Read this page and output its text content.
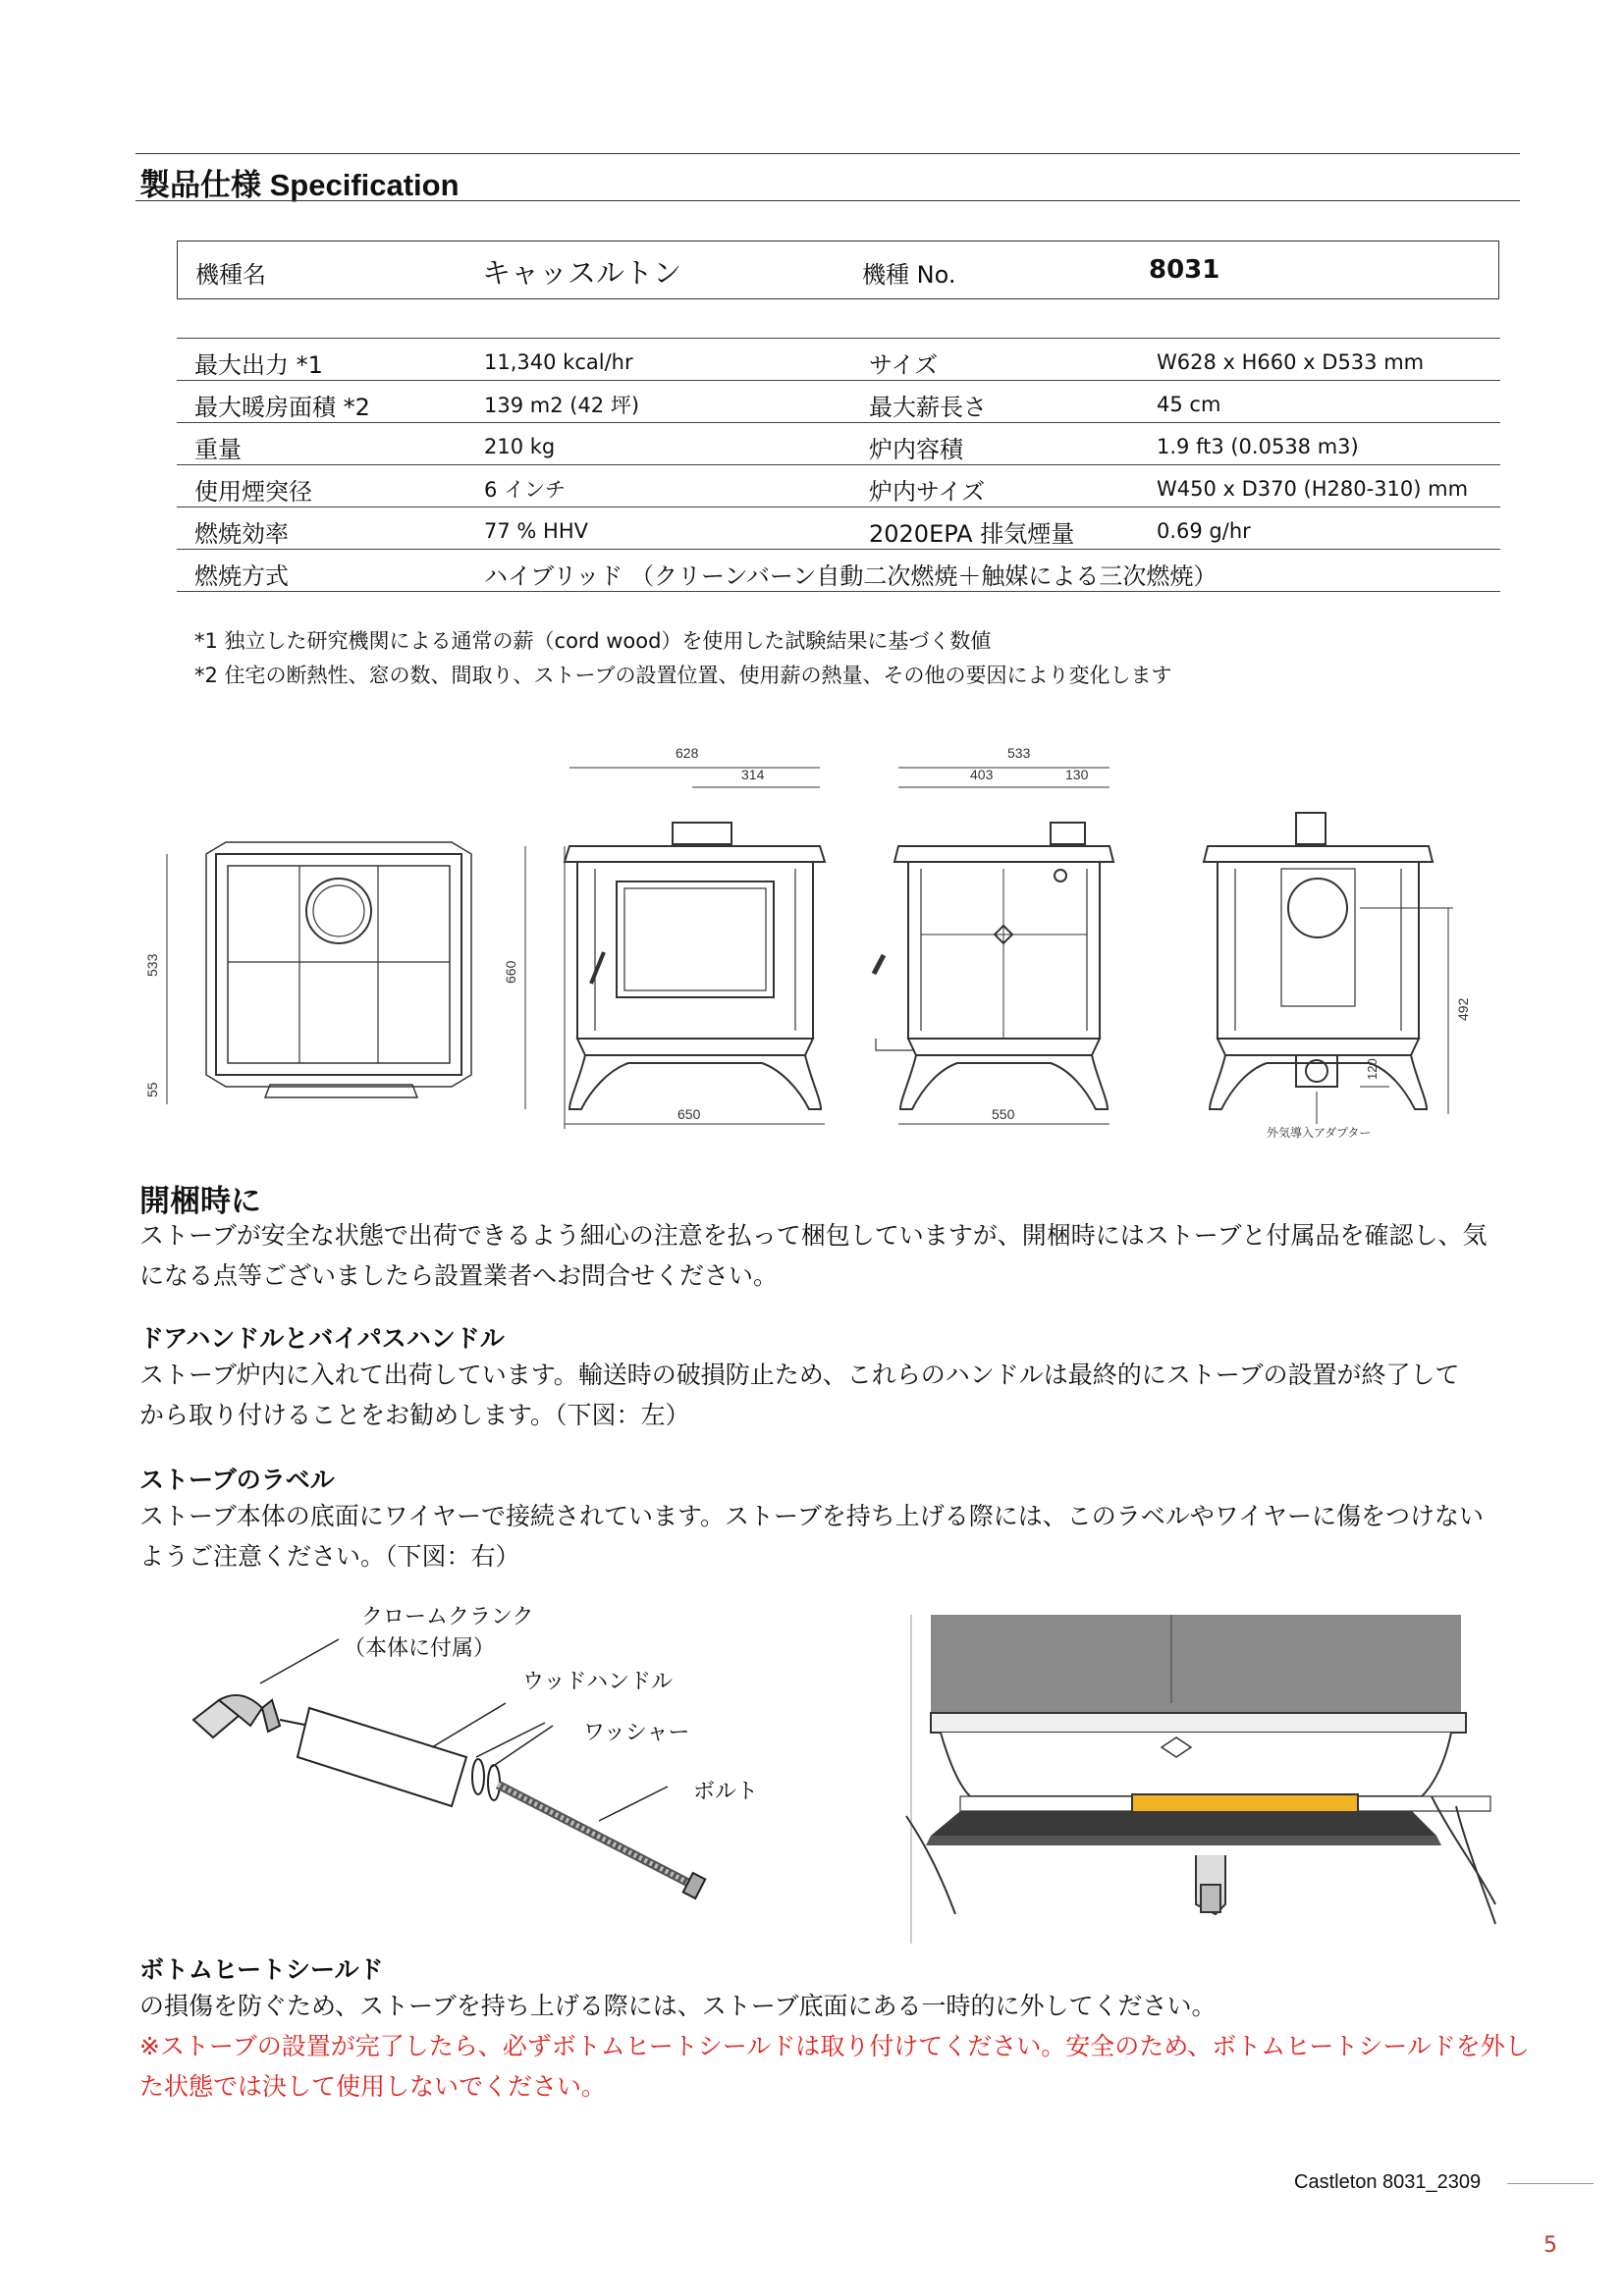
製品仕様 Specification
機種名	キャッスルトン	機種 No.	8031
最大出力 *1	11,340 kcal/hr	サイズ	W628 x H660 x D533 mm
最大暖房面積 *2	139 m2 (42 坪)	最大薪長さ	45 cm
重量	210 kg	炉内容積	1.9 ft3 (0.0538 m3)
使用煙突径	6 インチ	炉内サイズ	W450 x D370 (H280-310) mm
燃焼効率	77 % HHV	2020EPA 排気煙量	0.69 g/hr
燃焼方式	ハイブリッド （クリーンバーン自動二次燃焼＋触媒による三次燃焼）		
*1 独立した研究機関による通常の薪（cord wood）を使用した試験結果に基づく数値
*2 住宅の断熱性、窓の数、間取り、ストーブの設置位置、使用薪の熱量、その他の要因により変化します
533
55
628
314
660
650
533
403	130
550
492
120
外気導入アダプター
開梱時に
ストーブが安全な状態で出荷できるよう細心の注意を払って梱包していますが、開梱時にはストーブと付属品を確認し、気
になる点等ございましたら設置業者へお問合せください。
ドアハンドルとバイパスハンドル
ストーブ炉内に入れて出荷しています。輸送時の破損防止ため、これらのハンドルは最終的にストーブの設置が終了して
から取り付けることをお勧めします。（下図：左）
ストーブのラベル
ストーブ本体の底面にワイヤーで接続されています。ストーブを持ち上げる際には、このラベルやワイヤーに傷をつけない
ようご注意ください。（下図：右）
クロームクランク
（本体に付属）
ウッドハンドル
ワッシャー
ボルト
ボトムヒートシールド
の損傷を防ぐため、ストーブを持ち上げる際には、ストーブ底面にある一時的に外してください。
※ストーブの設置が完了したら、必ずボトムヒートシールドは取り付けてください。安全のため、ボトムヒートシールドを外し
た状態では決して使用しないでください。
Castleton 8031_2309
5
